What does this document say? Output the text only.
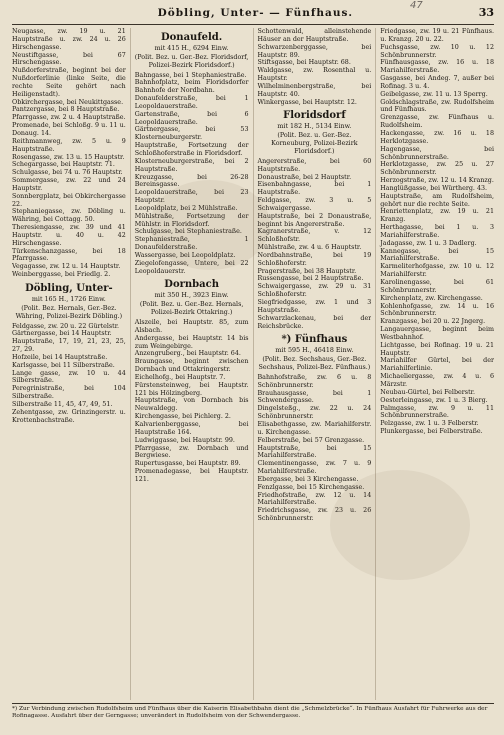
Döbling, Unter- — Fünfhaus.	33
47

Neugasse, zw. 19 u. 21 Hauptstraße u. zw. 24 u. 26 Hirschengasse.

Neustiftgasse, bei 67 Hirschengasse.

Nußdorferstraße, beginnt bei der Nußdorferlinie (linke Seite, die rechte Seite gehört nach Heiligenstadt).

Obkirchergasse, bei Neukittgasse.

Pantzergasse, bei 8 Hauptstraße.

Pfarrgasse, zw. 2 u. 4 Hauptstraße.

Promenade, bei Schloßg. 9 u. 11 u. Donaug. 14.

Reithmannweg, zw. 5 u. 9 Hauptstraße.

Rosengasse, zw. 13 u. 15 Hauptstr.

Schegargasse, bei Hauptstr. 71.

Schulgasse, bei 74 u. 76 Hauptstr.

Sommergasse, zw. 22 und 24 Hauptstr.

Sonnbergplatz, bei Obkirchergasse 22.

Stephaniegasse, zw. Döbling u. Währing, bei Cottagg. 50.

Theresiengasse, zw. 39 und 41 Hauptstr. u. 40 u. 42 Hirschengasse.

Türkenschanzgasse, bei 18 Pfarrgasse.

Vegagasse, zw. 12 u. 14 Hauptstr.

Weinberggasse, bei Friedlg. 2.

Döbling, Unter-

mit 165 H., 1726 Einw.

(Polit. Bez. Hernals, Ger.-Bez. Währing, Polizei-Bezirk Döbling.)

Feldgasse, zw. 20 u. 22 Gürtelstr.

Gärtnergasse, bei 14 Hauptstr.

Hauptstraße, 17, 19, 21, 23, 25, 27, 29.

Hofzeile, bei 14 Hauptstraße.

Karlsgasse, bei 11 Silberstraße.

Lange gasse, zw. 10 u. 44 Silberstraße.

Peregrinistraße, bei 104 Silberstraße.

Silberstraße 11, 45, 47, 49, 51.

Zehentgasse, zw. Grinzingerstr. u. Krottenbachstraße.

Donaufeld.

mit 415 H., 6294 Einw.

(Polit. Bez. u. Ger.-Bez. Floridsdorf, Polizei-Bezirk Floridsdorf.)

Bahngasse, bei 1 Stephaniestraße.

Bahnhofplatz, beim Floridsdorfer Bahnhofe der Nordbahn.

Donaufelderstraße, bei 1 Leopoldauerstraße.

Gartenstraße, bei 6 Leopoldauerstraße.

Gärtnergasse, bei 53 Klosterneuburgerstr.

Hauptstraße, Fortsetzung der Schloßhoferstraße in Floridsdorf.

Klosterneuburgerstraße, bei 2 Hauptstraße.

Kreuzgasse, bei 26-28 Bereinsgasse.

Leopoldauerstraße, bei 23 Hauptstr.

Leopoldplatz, bei 2 Mühlstraße.

Mühlstraße, Fortsetzung der Mühlstr. in Floridsdorf.

Schulgasse, bei Stephaniestraße.

Stephaniestraße, 1 Donaufelderstraße.

Wassergasse, bei Leopoldplatz.

Ziegelofengasse, Untere, bei 22 Leopoldauerstr.

Dornbach

mit 350 H., 3923 Einw.

(Polit. Bez. u. Ger.-Bez. Hernals, Polizei-Bezirk Ottakring.)

Alszeile, bei Hauptstr. 85, zum Alsbach.

Andergasse, bei Hauptstr. 14 bis zum Weingebirge.

Anzengruberg., bei Hauptstr. 64.

Braungasse, beginnt zwischen Dornbach und Ottakringerstr.

Eichelhofg., bei Hauptstr. 7.

Fürstensteinweg, bei Hauptstr. 121 bis Hölzingberg.

Hauptstraße, von Dornbach bis Neuwaldegg.

Kirchengasse, bei Pichlerg. 2.

Kalvarienberggasse, bei Hauptstraße 164.

Ludwiggasse, bei Hauptstr. 99.

Pfarrgasse, zw. Dornbach und Bergwiese.

Rupertusgasse, bei Hauptstr. 89.

Promenadegasse, bei Hauptstr. 121.

Schottenwald, alleinstehende Häuser an der Hauptstraße.

Schwarzenberggasse, bei Hauptstr. 89.

Stiftsgasse, bei Hauptstr. 68.

Waldgasse, zw. Rosenthal u. Hauptstr.

Wilhelminenbergstraße, bei Hauptstr. 40.

Winkergasse, bei Hauptstr. 12.

Floridsdorf

mit 182 H., 5134 Einw.

(Polit. Bez. u. Ger.-Bez. Korneuburg, Polizei-Bezirk Floridsdorf.)

Angererstraße, bei 60 Hauptstraße.

Donaustraße, bei 2 Hauptstr.

Eisenbahngasse, bei 1 Hauptstraße.

Feldgasse, zw. 3 u. 5 Schwaigergasse.

Hauptstraße, bei 2 Donaustraße, beginnt bis Angererstraße.

Kagranerstraße, v. 12 Schloßhofstr.

Mühlstraße, zw. 4 u. 6 Hauptstr.

Nordbahnstraße, bei 19 Schloßhoferstr.

Pragerstraße, bei 38 Hauptstr.

Russengasse, bei 2 Hauptstraße.

Schwaigergasse, zw. 29 u. 31 Schloßhoferstr.

Siegfriedgasse, zw. 1 und 3 Hauptstraße.

Schwarzlackenau, bei der Reichsbrücke.

*) Fünfhaus

mit 595 H., 46418 Einw.

(Polit. Bez. Sechshaus, Ger.-Bez. Sechshaus, Polizei-Bez. Fünfhaus.)

Bahnhofstraße, zw. 6 u. 8 Schönbrunnerstr.

Brauhausgasse, bei 1 Schwendergasse.

Dingelsteßg., zw. 22 u. 24 Schönbrunnerstr.

Elisabethgasse, zw. Mariahilferstr. u. Kirchengasse.

Felberstraße, bei 57 Grenzgasse.

Hauptstraße, bei 15 Mariahilferstraße.

Clementinengasse, zw. 7 u. 9 Mariahilferstraße.

Ebergasse, bei 3 Kirchengasse.

Fenzlgasse, bei 15 Kirchengasse.

Friedhofstraße, zw. 12 u. 14 Mariahilferstraße.

Friedrichsgasse, zw. 23 u. 26 Schönbrunnerstr.

Friedgasse, zw. 19 u. 21 Fünfhaus. u. Kranzg. 20 u. 22.

Fuchsgasse, zw. 10 u. 12 Schönbrunnerstr.

Fünfhausgasse, zw. 16 u. 18 Mariahilferstraße.

Gasgasse, bei Andeg. 7, außer bei Rofinag. 3 u. 4.

Geibelgasse, zw. 11 u. 13 Sperrg.

Goldschlagstraße, zw. Rudolfsheim und Fünfhaus.

Grenzgasse, zw. Fünfhaus u. Rudolfsheim.

Hackengasse, zw. 16 u. 18 Herklotzgasse.

Hagengasse, bei Schönbrunnerstraße.

Herklotzgasse, zw. 25 u. 27 Schönbrunnerstr.

Herzogstraße, zw. 12 u. 14 Kranzg.

Hanglüßgasse, bei Würtherg. 43.

Hauptstraße, am Rudolfsheim, gehört nur die rechte Seite.

Henriettenplatz, zw. 19 u. 21 Kranzg.

Herthagasse, bei 1 u. 3 Mariahilferstraße.

Jadagasse, zw. 1 u. 3 Dadlerg.

Kannegasse, bei 15 Mariahilferstraße.

Karmeliterhofgasse, zw. 10 u. 12 Mariahilferstr.

Karolinengasse, bei 61 Schönbrunnerstr.

Kirchenplatz, zw. Kirchengasse.

Kohlenhofgasse, zw. 14 u. 16 Schönbrunnerstr.

Kranzgasse, bei 20 u. 22 Jngerg.

Langauergasse, beginnt beim Westbahnhof.

Lichtgasse, bei Rofinag. 19 u. 21 Hauptstr.

Mariahilfer Gürtel, bei der Mariahilferlinie.

Michaeliergasse, zw. 4 u. 6 Märzstr.

Neubau-Gürtel, bei Felberstr.

Oesterleingasse, zw. 1 u. 3 Bierg.

Palmgasse, zw. 9 u. 11 Schönbrunnerstraße.

Pelzgasse, zw. 1 u. 3 Felberstr.

Plunkergasse, bei Felberstraße.

*) Zur Verbindung zwischen Rudolfsheim und Fünfhaus über die Kaiserin Elisabethbahn dient die „Schmelzbrücke“. In Fünfhaus Ausfahrt für Fuhrwerke aus der Rofinagasse. Ausfahrt über der Gerngasse; unverändert in Rudolfsheim von der Schwendergasse.
